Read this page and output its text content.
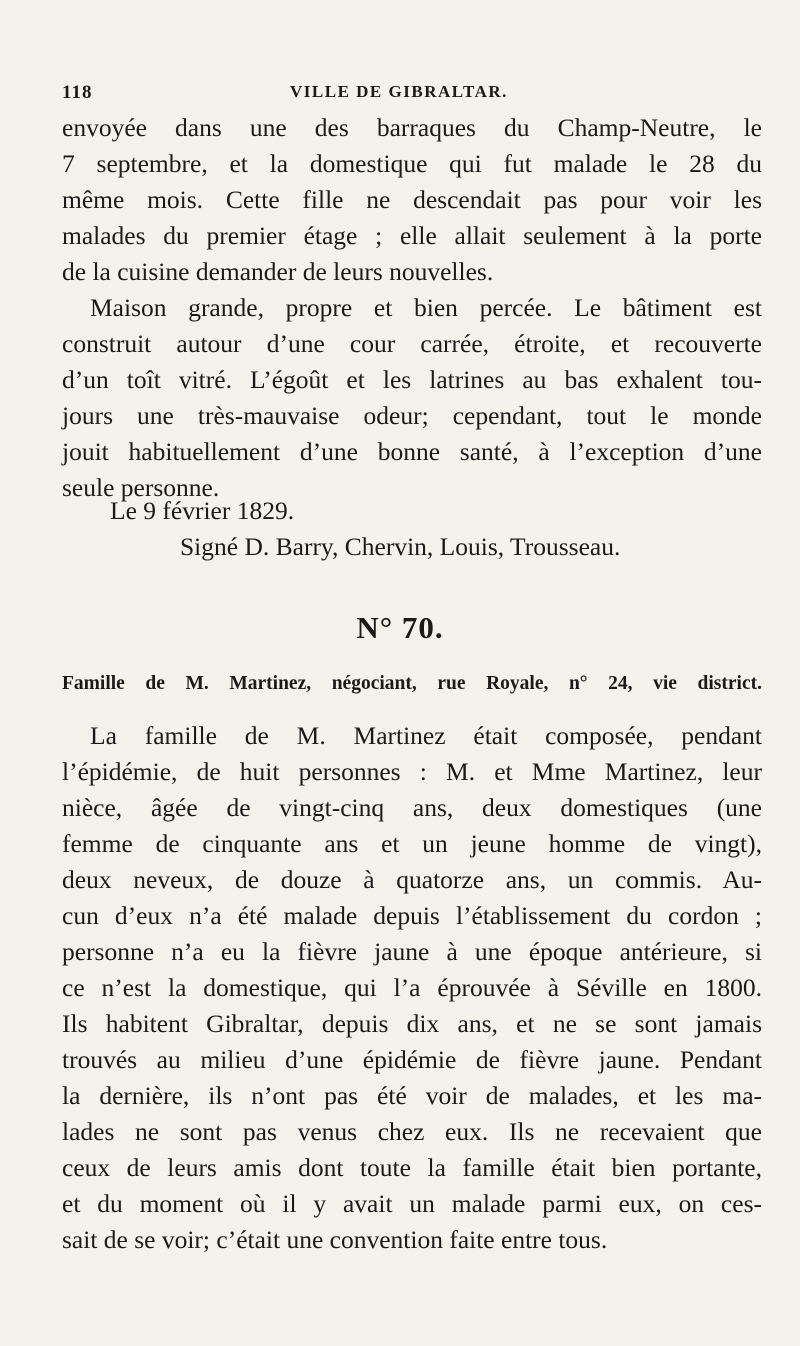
118	VILLE DE GIBRALTAR.

envoyée dans une des barraques du Champ-Neutre, le
7 septembre, et la domestique qui fut malade le 28 du
même mois. Cette fille ne descendait pas pour voir les
malades du premier étage ; elle allait seulement à la porte
de la cuisine demander de leurs nouvelles.

Maison grande, propre et bien percée. Le bâtiment est
construit autour d’une cour carrée, étroite, et recouverte
d’un toît vitré. L’égoût et les latrines au bas exhalent tou-
jours une très-mauvaise odeur; cependant, tout le monde
jouit habituellement d’une bonne santé, à l’exception d’une
seule personne.

Le 9 février 1829.
Signé D. Barry, Chervin, Louis, Trousseau.
N° 70.
Famille de M. Martinez, négociant, rue Royale, n° 24, vie district.

La famille de M. Martinez était composée, pendant
l’épidémie, de huit personnes : M. et Mme Martinez, leur
nièce, âgée de vingt-cinq ans, deux domestiques (une
femme de cinquante ans et un jeune homme de vingt),
deux neveux, de douze à quatorze ans, un commis. Au-
cun d’eux n’a été malade depuis l’établissement du cordon ;
personne n’a eu la fièvre jaune à une époque antérieure, si
ce n’est la domestique, qui l’a éprouvée à Séville en 1800.
Ils habitent Gibraltar, depuis dix ans, et ne se sont jamais
trouvés au milieu d’une épidémie de fièvre jaune. Pendant
la dernière, ils n’ont pas été voir de malades, et les ma-
lades ne sont pas venus chez eux. Ils ne recevaient que
ceux de leurs amis dont toute la famille était bien portante,
et du moment où il y avait un malade parmi eux, on ces-
sait de se voir; c’était une convention faite entre tous.
